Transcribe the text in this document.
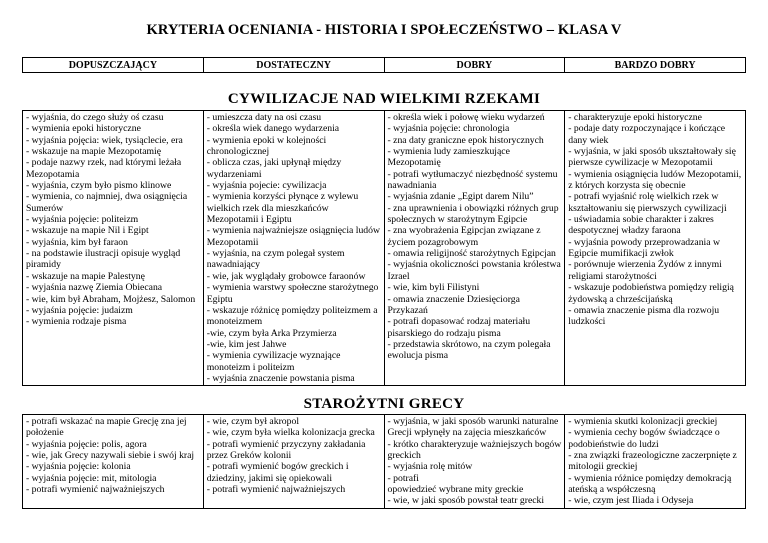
KRYTERIA OCENIANIA - HISTORIA I SPOŁECZEŃSTWO – KLASA V
DOPUSZCZAJĄCY	DOSTATECZNY	DOBRY	BARDZO DOBRY
CYWILIZACJE NAD WIELKIMI RZEKAMI
- wyjaśnia, do czego służy oś czasu
- wymienia epoki historyczne
- wyjaśnia pojęcia: wiek, tysiąclecie, era
- wskazuje na mapie Mezopotamię
- podaje nazwy rzek, nad którymi leżała Mezopotamia
- wyjaśnia, czym było pismo klinowe
- wymienia, co najmniej, dwa osiągnięcia Sumerów
- wyjaśnia pojęcie: politeizm
- wskazuje na mapie Nil i Egipt
- wyjaśnia, kim był faraon
- na podstawie ilustracji opisuje wygląd piramidy
- wskazuje na mapie Palestynę
- wyjaśnia nazwę Ziemia Obiecana
- wie, kim był Abraham, Mojżesz, Salomon
- wyjaśnia pojęcie: judaizm
- wymienia rodzaje pisma

- umieszcza daty na osi czasu
- określa wiek danego wydarzenia
- wymienia epoki w kolejności chronologicznej
- oblicza czas, jaki upłynął między wydarzeniami
- wyjaśnia pojecie: cywilizacja
- wymienia korzyści płynące z wylewu wielkich rzek dla mieszkańców Mezopotamii i Egiptu
- wymienia najważniejsze osiągnięcia ludów Mezopotamii
- wyjaśnia, na czym polegał system nawadniający
- wie, jak wyglądały grobowce faraonów
- wymienia warstwy społeczne starożytnego Egiptu
- wskazuje różnicę pomiędzy politeizmem a monoteizmem
-wie, czym była Arka Przymierza
-wie, kim jest Jahwe
- wymienia cywilizacje wyznające monoteizm i politeizm
- wyjaśnia znaczenie powstania pisma

- określa wiek i połowę wieku wydarzeń
- wyjaśnia pojęcie: chronologia
- zna daty graniczne epok historycznych
- wymienia ludy zamieszkujące Mezopotamię
- potrafi wytłumaczyć niezbędność systemu nawadniania
- wyjaśnia zdanie „Egipt darem Nilu”
- zna uprawnienia i obowiązki różnych grup społecznych w starożytnym Egipcie
- zna wyobrażenia Egipcjan związane z życiem pozagrobowym
- omawia religijność starożytnych Egipcjan
- wyjaśnia okoliczności powstania królestwa Izrael
- wie, kim byli Filistyni
- omawia znaczenie Dziesięciorga Przykazań
- potrafi dopasować rodzaj materiału pisarskiego do rodzaju pisma
- przedstawia skrótowo, na czym polegała ewolucja pisma

- charakteryzuje epoki historyczne
- podaje daty rozpoczynające i kończące dany wiek
- wyjaśnia, w jaki sposób ukształtowały się pierwsze cywilizacje w Mezopotamii
- wymienia osiągnięcia ludów Mezopotamii, z których korzysta się obecnie
- potrafi wyjaśnić rolę wielkich rzek w kształtowaniu się pierwszych cywilizacji
- uświadamia sobie charakter i zakres despotycznej władzy faraona
- wyjaśnia powody przeprowadzania w Egipcie mumifikacji zwłok
- porównuje wierzenia Żydów z innymi religiami starożytności
- wskazuje podobieństwa pomiędzy religią żydowską a chrześcijańską
- omawia znaczenie pisma dla rozwoju ludzkości
STAROŻYTNI GRECY
- potrafi wskazać na mapie Grecję zna jej położenie
- wyjaśnia pojęcie: polis, agora
- wie, jak Grecy nazywali siebie i swój kraj
- wyjaśnia pojęcie: kolonia
- wyjaśnia pojęcie: mit, mitologia
- potrafi wymienić najważniejszych

- wie, czym był akropol
- wie, czym była wielka kolonizacja grecka
- potrafi wymienić przyczyny zakładania przez Greków kolonii
- potrafi wymienić bogów greckich i dziedziny, jakimi się opiekowali
- potrafi wymienić najważniejszych

- wyjaśnia, w jaki sposób warunki naturalne Grecji wpłynęły na zajęcia mieszkańców
- krótko charakteryzuje ważniejszych bogów greckich
- wyjaśnia rolę mitów
- potrafi
opowiedzieć wybrane mity greckie
- wie, w jaki sposób powstał teatr grecki

- wymienia skutki kolonizacji greckiej
- wymienia cechy bogów świadczące o podobieństwie do ludzi
- zna związki frazeologiczne zaczerpnięte z mitologii greckiej
- wymienia różnice pomiędzy demokracją ateńską a współczesną
- wie, czym jest Iliada i Odyseja
